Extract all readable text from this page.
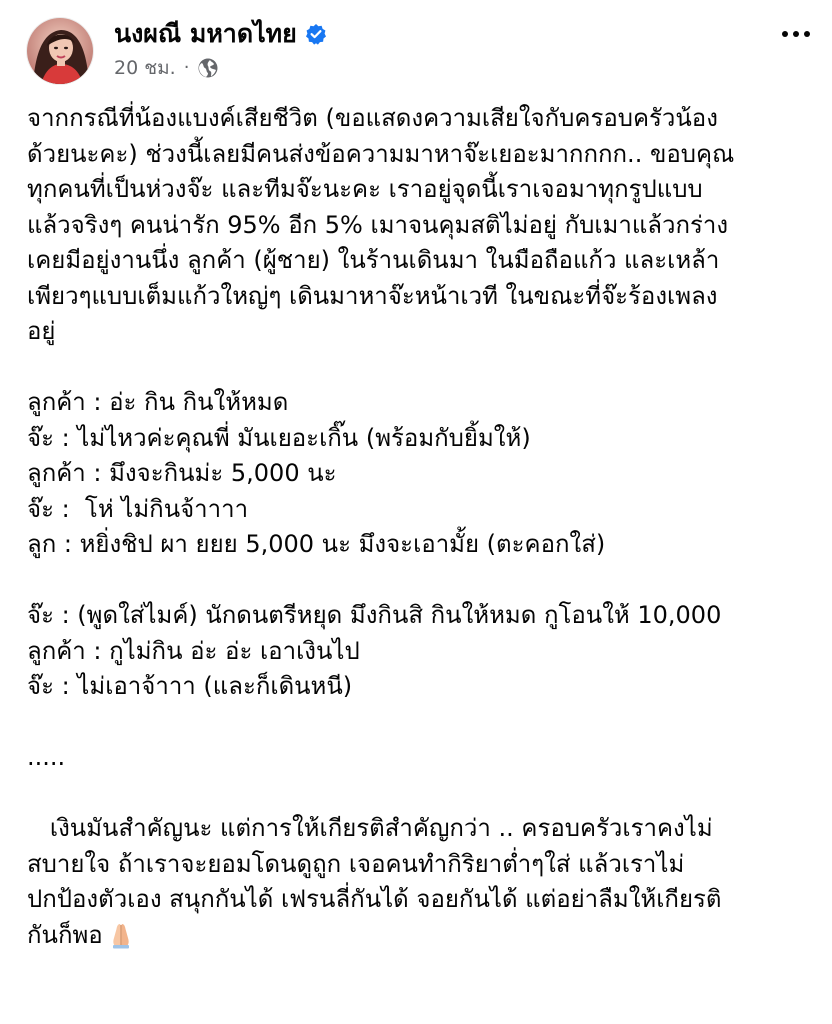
นงผณี มหาดไทย
20 ชม. ·
จากกรณีที่น้องแบงค์เสียชีวิต (ขอแสดงความเสียใจกับครอบครัวน้อง
ด้วยนะคะ) ช่วงนี้เลยมีคนส่งข้อความมาหาจ๊ะเยอะมากกกก.. ขอบคุณ
ทุกคนที่เป็นห่วงจ๊ะ และทีมจ๊ะนะคะ เราอยู่จุดนี้เราเจอมาทุกรูปแบบ
แล้วจริงๆ คนน่ารัก 95% อีก 5% เมาจนคุมสติไม่อยู่ กับเมาแล้วกร่าง
เคยมีอยู่งานนึ่ง ลูกค้า (ผู้ชาย) ในร้านเดินมา ในมือถือแก้ว และเหล้า
เพียวๆแบบเต็มแก้วใหญ่ๆ เดินมาหาจ๊ะหน้าเวที ในขณะที่จ๊ะร้องเพลง
อยู่
ลูกค้า : อ่ะ กิน กินให้หมด
จ๊ะ : ไม่ไหวค่ะคุณพี่ มันเยอะเกิ๊น (พร้อมกับยิ้มให้)
ลูกค้า : มึงจะกินม่ะ 5,000 นะ
จ๊ะ :  โห่ ไม่กินจ้าาาา
ลูก : หยิ่งชิป ผา ยยย 5,000 นะ มึงจะเอามั้ย (ตะคอกใส่)
จ๊ะ : (พูดใส่ไมค์) นักดนตรีหยุด มึงกินสิ กินให้หมด กูโอนให้ 10,000
ลูกค้า : กูไม่กิน อ่ะ อ่ะ เอาเงินไป
จ๊ะ : ไม่เอาจ้าาา (และก็เดินหนี)
.....
เงินมันสำคัญนะ แต่การให้เกียรติสำคัญกว่า .. ครอบครัวเราคงไม่
สบายใจ ถ้าเราจะยอมโดนดูถูก เจอคนทำกิริยาต่ำๆใส่ แล้วเราไม่
ปกป้องตัวเอง สนุกกันได้ เฟรนลี่กันได้ จอยกันได้ แต่อย่าลืมให้เกียรติ
กันก็พอ
